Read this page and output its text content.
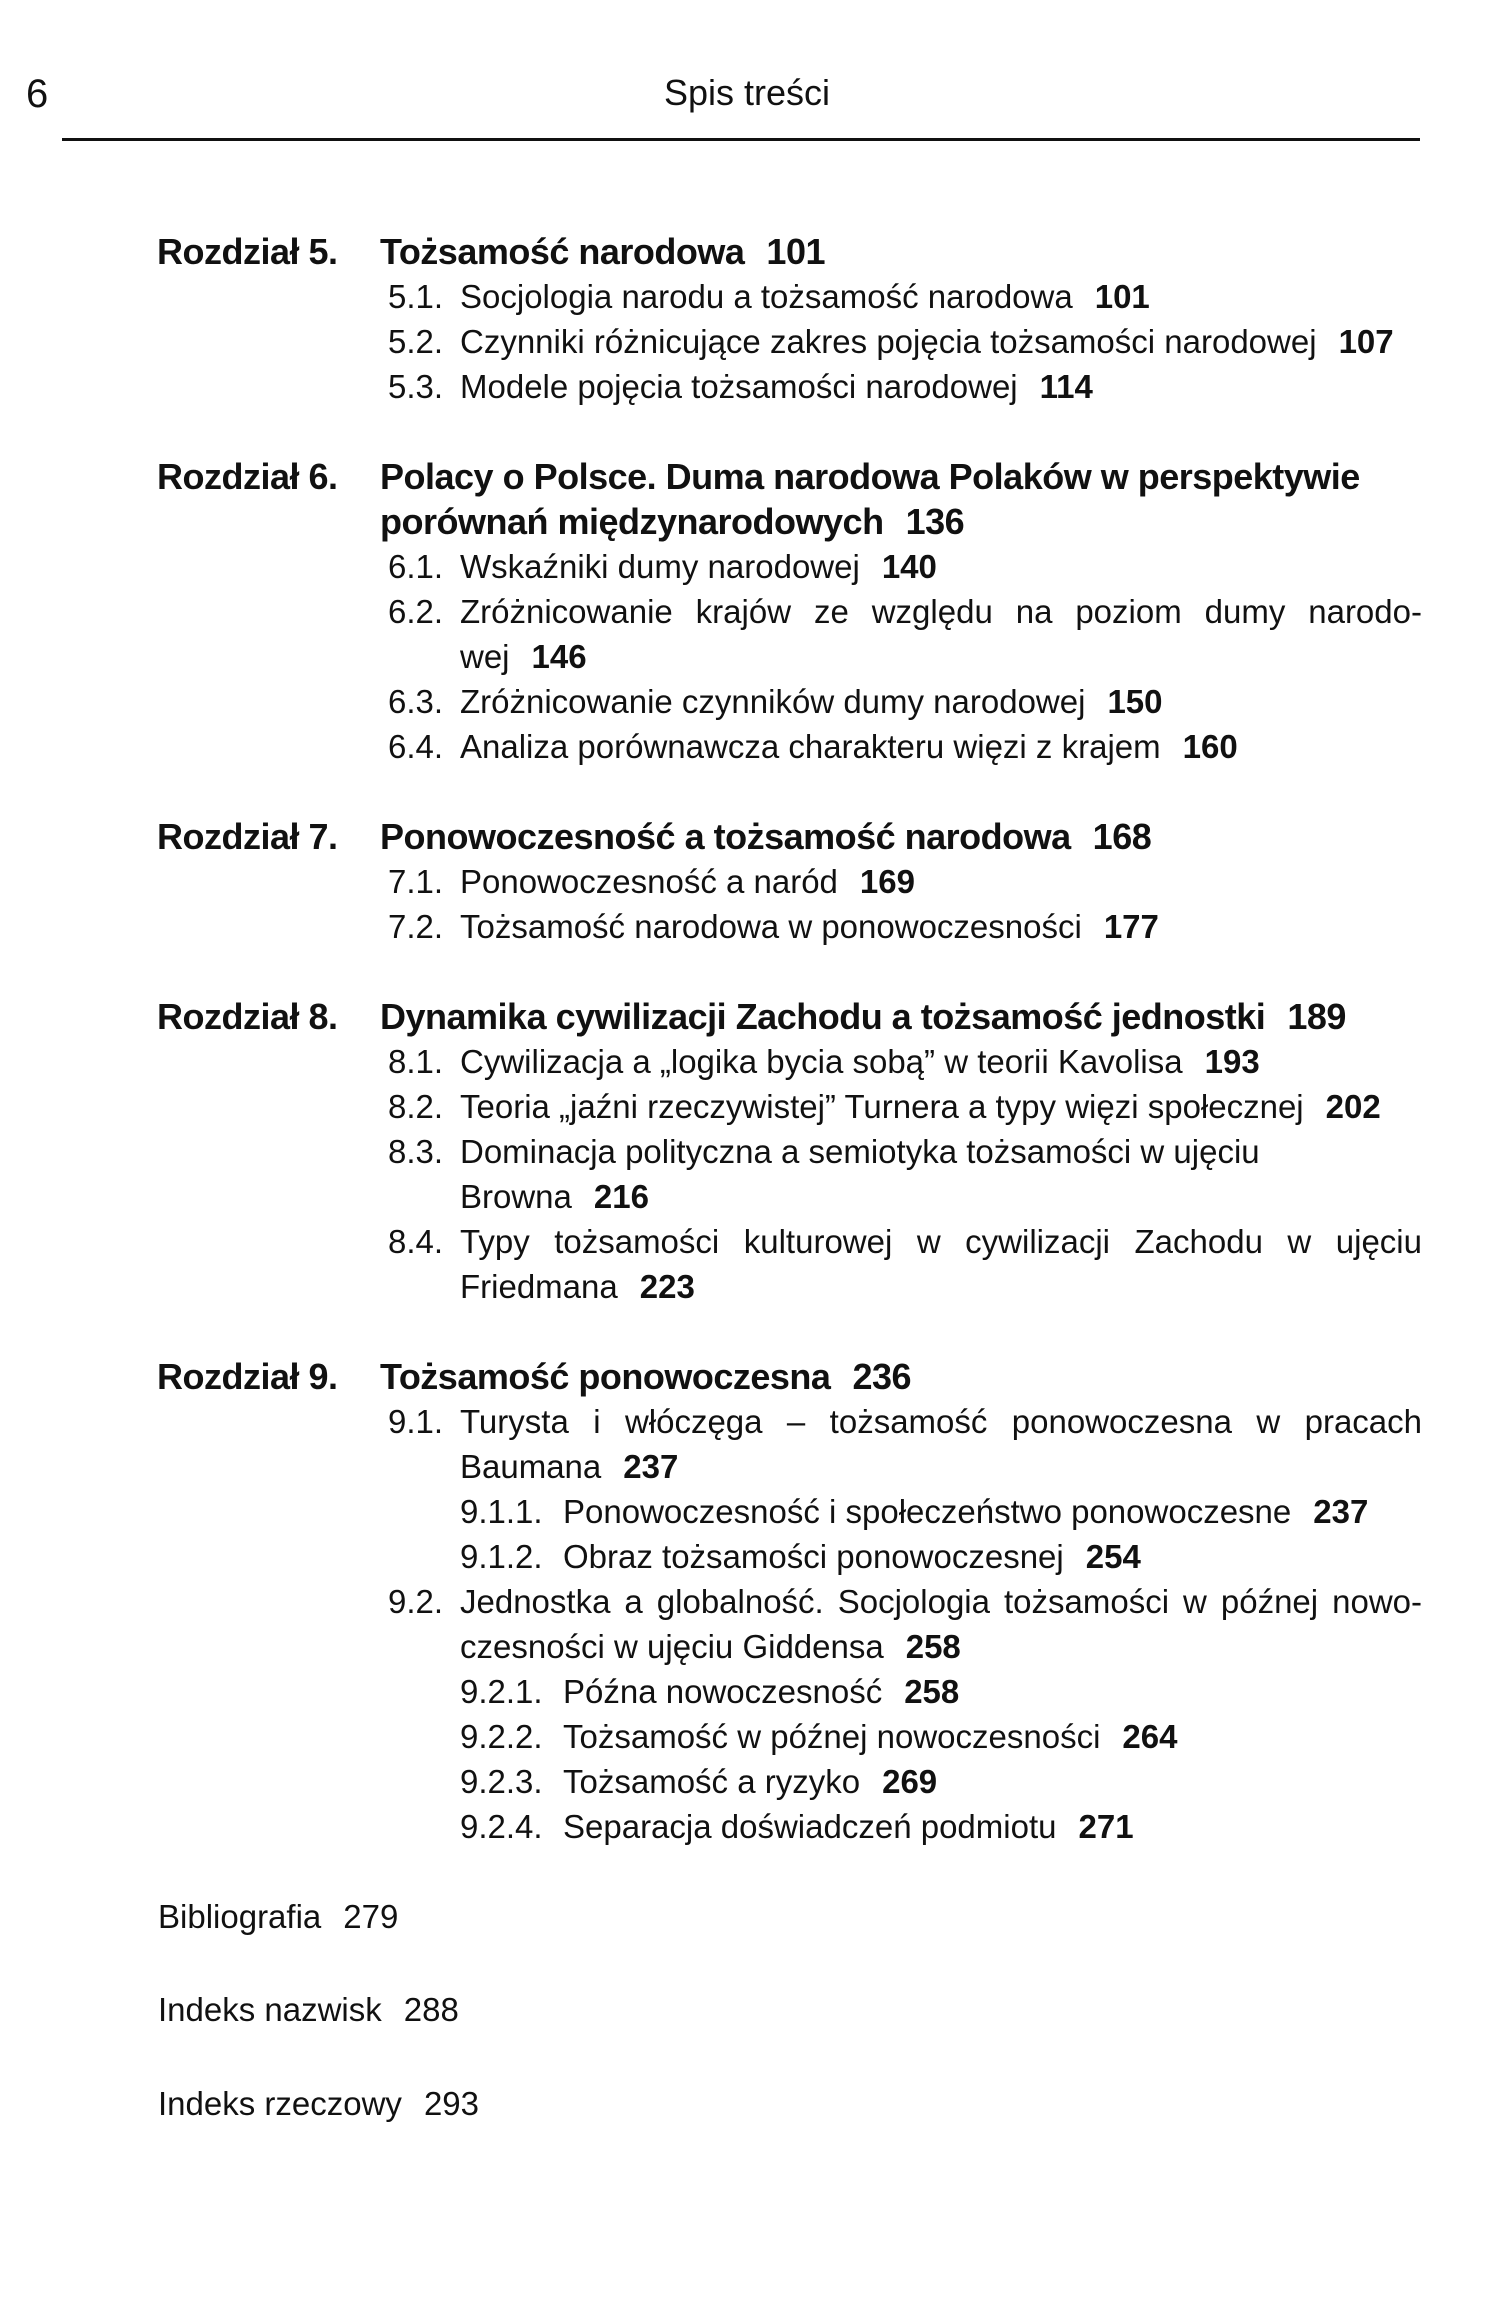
6	Spis treści
Rozdział 5. Tożsamość narodowa 101
5.1. Socjologia narodu a tożsamość narodowa 101
5.2. Czynniki różnicujące zakres pojęcia tożsamości narodowej 107
5.3. Modele pojęcia tożsamości narodowej 114
Rozdział 6. Polacy o Polsce. Duma narodowa Polaków w perspektywie
porównań międzynarodowych 136
6.1. Wskaźniki dumy narodowej 140
6.2. Zróżnicowanie krajów ze względu na poziom dumy narodo-
wej 146
6.3. Zróżnicowanie czynników dumy narodowej 150
6.4. Analiza porównawcza charakteru więzi z krajem 160
Rozdział 7. Ponowoczesność a tożsamość narodowa 168
7.1. Ponowoczesność a naród 169
7.2. Tożsamość narodowa w ponowoczesności 177
Rozdział 8. Dynamika cywilizacji Zachodu a tożsamość jednostki 189
8.1. Cywilizacja a „logika bycia sobą” w teorii Kavolisa 193
8.2. Teoria „jaźni rzeczywistej” Turnera a typy więzi społecznej 202
8.3. Dominacja polityczna a semiotyka tożsamości w ujęciu
Browna 216
8.4. Typy tożsamości kulturowej w cywilizacji Zachodu w ujęciu
Friedmana 223
Rozdział 9. Tożsamość ponowoczesna 236
9.1. Turysta i włóczęga – tożsamość ponowoczesna w pracach
Baumana 237
9.1.1. Ponowoczesność i społeczeństwo ponowoczesne 237
9.1.2. Obraz tożsamości ponowoczesnej 254
9.2. Jednostka a globalność. Socjologia tożsamości w późnej nowo-
czesności w ujęciu Giddensa 258
9.2.1. Późna nowoczesność 258
9.2.2. Tożsamość w późnej nowoczesności 264
9.2.3. Tożsamość a ryzyko 269
9.2.4. Separacja doświadczeń podmiotu 271
Bibliografia 279
Indeks nazwisk 288
Indeks rzeczowy 293
